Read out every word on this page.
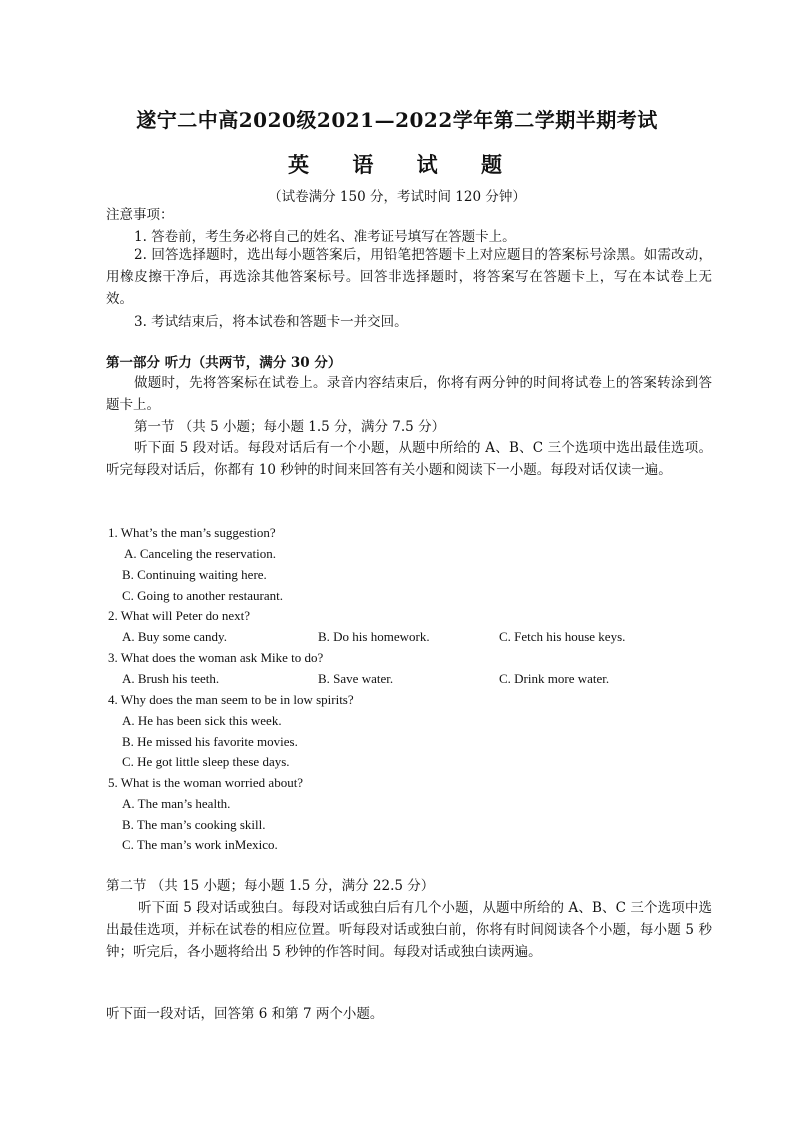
遂宁二中高2020级2021—2022学年第二学期半期考试
英 语 试 题
（试卷满分 150 分，考试时间 120 分钟）
注意事项：
1. 答卷前，考生务必将自己的姓名、准考证号填写在答题卡上。
2. 回答选择题时，选出每小题答案后，用铅笔把答题卡上对应题目的答案标号涂黑。如需改动，用橡皮擦干净后，再选涂其他答案标号。回答非选择题时，将答案写在答题卡上，写在本试卷上无效。
3. 考试结束后，将本试卷和答题卡一并交回。
第一部分 听力（共两节，满分 30 分）
做题时，先将答案标在试卷上。录音内容结束后，你将有两分钟的时间将试卷上的答案转涂到答题卡上。
第一节 （共 5 小题；每小题 1.5 分，满分 7.5 分）
听下面 5 段对话。每段对话后有一个小题，从题中所给的 A、B、C 三个选项中选出最佳选项。听完每段对话后，你都有 10 秒钟的时间来回答有关小题和阅读下一小题。每段对话仅读一遍。
1. What’s the man’s suggestion?
A. Canceling the reservation.
B. Continuing waiting here.
C. Going to another restaurant.
2. What will Peter do next?
A. Buy some candy.	B. Do his homework.	C. Fetch his house keys.
3. What does the woman ask Mike to do?
A. Brush his teeth.	B. Save water.	C. Drink more water.
4. Why does the man seem to be in low spirits?
A. He has been sick this week.
B. He missed his favorite movies.
C. He got little sleep these days.
5. What is the woman worried about?
A. The man’s health.
B. The man’s cooking skill.
C. The man’s work inMexico.
第二节 （共 15 小题；每小题 1.5 分，满分 22.5 分）
听下面 5 段对话或独白。每段对话或独白后有几个小题，从题中所给的 A、B、C 三个选项中选出最佳选项，并标在试卷的相应位置。听每段对话或独白前，你将有时间阅读各个小题，每小题 5 秒钟；听完后，各小题将给出 5 秒钟的作答时间。每段对话或独白读两遍。
听下面一段对话，回答第 6 和第 7 两个小题。
